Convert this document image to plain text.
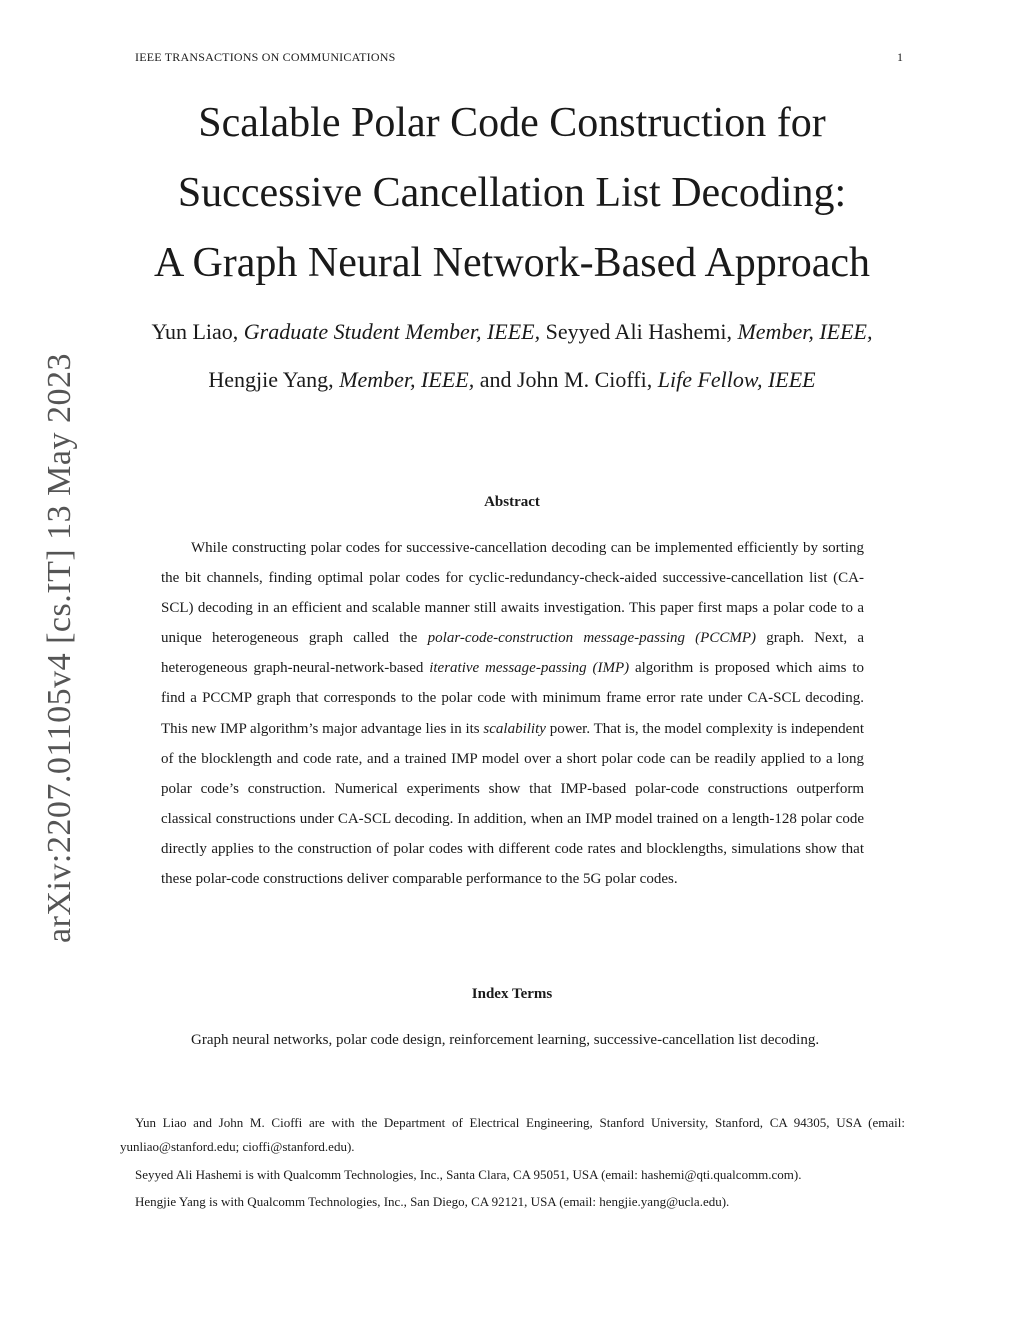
IEEE TRANSACTIONS ON COMMUNICATIONS	1
arXiv:2207.01105v4 [cs.IT] 13 May 2023
Scalable Polar Code Construction for
Successive Cancellation List Decoding:
A Graph Neural Network-Based Approach
Yun Liao, Graduate Student Member, IEEE, Seyyed Ali Hashemi, Member, IEEE,
Hengjie Yang, Member, IEEE, and John M. Cioffi, Life Fellow, IEEE
Abstract

While constructing polar codes for successive-cancellation decoding can be implemented efficiently by sorting the bit channels, finding optimal polar codes for cyclic-redundancy-check-aided successive-cancellation list (CA-SCL) decoding in an efficient and scalable manner still awaits investigation. This paper first maps a polar code to a unique heterogeneous graph called the polar-code-construction message-passing (PCCMP) graph. Next, a heterogeneous graph-neural-network-based iterative message-passing (IMP) algorithm is proposed which aims to find a PCCMP graph that corresponds to the polar code with minimum frame error rate under CA-SCL decoding. This new IMP algorithm’s major advantage lies in its scalability power. That is, the model complexity is independent of the blocklength and code rate, and a trained IMP model over a short polar code can be readily applied to a long polar code’s construction. Numerical experiments show that IMP-based polar-code constructions outperform classical constructions under CA-SCL decoding. In addition, when an IMP model trained on a length-128 polar code directly applies to the construction of polar codes with different code rates and blocklengths, simulations show that these polar-code constructions deliver comparable performance to the 5G polar codes.

Index Terms

Graph neural networks, polar code design, reinforcement learning, successive-cancellation list decoding.

Yun Liao and John M. Cioffi are with the Department of Electrical Engineering, Stanford University, Stanford, CA 94305, USA (email: yunliao@stanford.edu; cioffi@stanford.edu).

Seyyed Ali Hashemi is with Qualcomm Technologies, Inc., Santa Clara, CA 95051, USA (email: hashemi@qti.qualcomm.com).

Hengjie Yang is with Qualcomm Technologies, Inc., San Diego, CA 92121, USA (email: hengjie.yang@ucla.edu).
